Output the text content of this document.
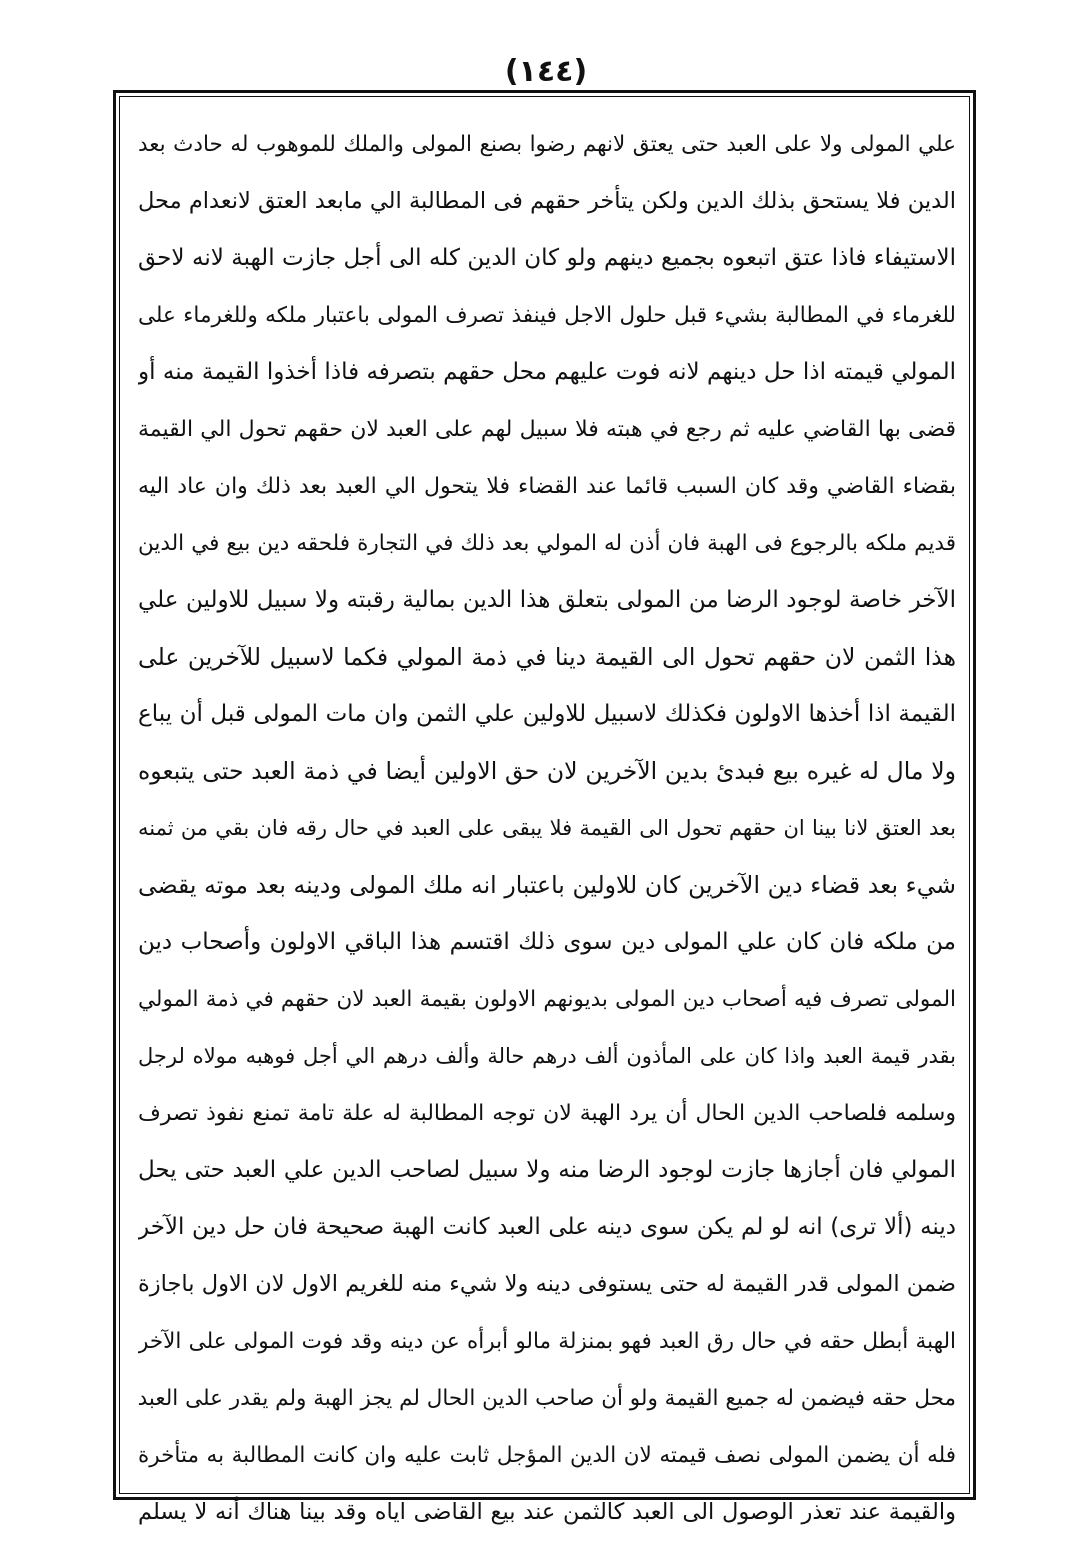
(١٤٤)
علي المولى ولا على العبد حتى يعتق لانهم رضوا بصنع المولى والملك للموهوب له حادث بعد
الدين فلا يستحق بذلك الدين ولكن يتأخر حقهم فى المطالبة الي مابعد العتق لانعدام محل
الاستيفاء فاذا عتق اتبعوه بجميع دينهم ولو كان الدين كله الى أجل جازت الهبة لانه لاحق
للغرماء في المطالبة بشيء قبل حلول الاجل فينفذ تصرف المولى باعتبار ملكه وللغرماء على
المولي قيمته اذا حل دينهم لانه فوت عليهم محل حقهم بتصرفه فاذا أخذوا القيمة منه أو
قضى بها القاضي عليه ثم رجع في هبته فلا سبيل لهم على العبد لان حقهم تحول الي القيمة
بقضاء القاضي وقد كان السبب قائما عند القضاء فلا يتحول الي العبد بعد ذلك وان عاد اليه
قديم ملكه بالرجوع فى الهبة فان أذن له المولي بعد ذلك في التجارة فلحقه دين بيع في الدين
الآخر خاصة لوجود الرضا من المولى بتعلق هذا الدين بمالية رقبته ولا سبيل للاولين علي
هذا الثمن لان حقهم تحول الى القيمة دينا في ذمة المولي فكما لاسبيل للآخرين على
القيمة اذا أخذها الاولون فكذلك لاسبيل للاولين علي الثمن وان مات المولى قبل أن يباع
ولا مال له غيره بيع فبدئ بدين الآخرين لان حق الاولين أيضا في ذمة العبد حتى يتبعوه
بعد العتق لانا بينا ان حقهم تحول الى القيمة فلا يبقى على العبد في حال رقه فان بقي من ثمنه
شيء بعد قضاء دين الآخرين كان للاولين باعتبار انه ملك المولى ودينه بعد موته يقضى
من ملكه فان كان علي المولى دين سوى ذلك اقتسم هذا الباقي الاولون وأصحاب دين
المولى تصرف فيه أصحاب دين المولى بديونهم الاولون بقيمة العبد لان حقهم في ذمة المولي
بقدر قيمة العبد واذا كان على المأذون ألف درهم حالة وألف درهم الي أجل فوهبه مولاه لرجل
وسلمه فلصاحب الدين الحال أن يرد الهبة لان توجه المطالبة له علة تامة تمنع نفوذ تصرف
المولي فان أجازها جازت لوجود الرضا منه ولا سبيل لصاحب الدين علي العبد حتى يحل
دينه (ألا ترى) انه لو لم يكن سوى دينه على العبد كانت الهبة صحيحة فان حل دين الآخر
ضمن المولى قدر القيمة له حتى يستوفى دينه ولا شيء منه للغريم الاول لان الاول باجازة
الهبة أبطل حقه في حال رق العبد فهو بمنزلة مالو أبرأه عن دينه وقد فوت المولى على الآخر
محل حقه فيضمن له جميع القيمة ولو أن صاحب الدين الحال لم يجز الهبة ولم يقدر على العبد
فله أن يضمن المولى نصف قيمته لان الدين المؤجل ثابت عليه وان كانت المطالبة به متأخرة
والقيمة عند تعذر الوصول الى العبد كالثمن عند بيع القاضى اياه وقد بينا هناك أنه لا يسلم
